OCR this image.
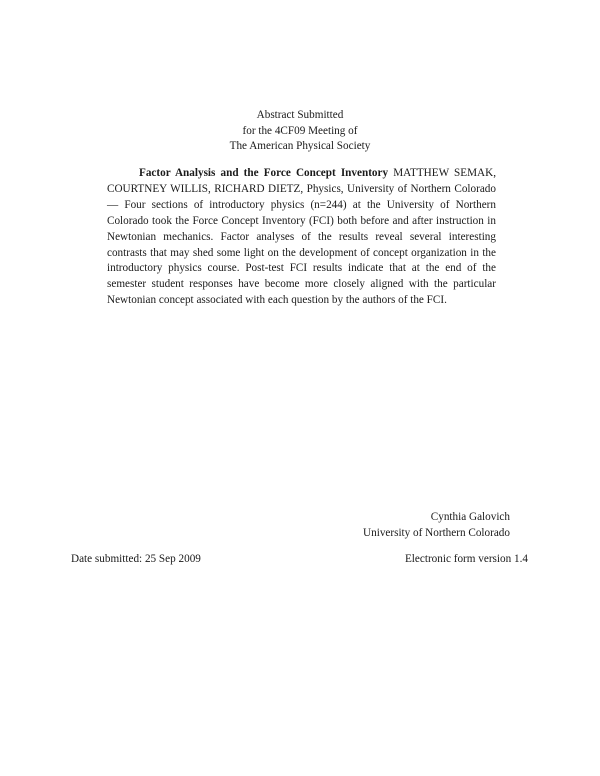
Abstract Submitted
for the 4CF09 Meeting of
The American Physical Society
Factor Analysis and the Force Concept Inventory MATTHEW SEMAK, COURTNEY WILLIS, RICHARD DIETZ, Physics, University of Northern Colorado — Four sections of introductory physics (n=244) at the University of Northern Colorado took the Force Concept Inventory (FCI) both before and after instruction in Newtonian mechanics. Factor analyses of the results reveal several interesting contrasts that may shed some light on the development of concept organization in the introductory physics course. Post-test FCI results indicate that at the end of the semester student responses have become more closely aligned with the particular Newtonian concept associated with each question by the authors of the FCI.
Cynthia Galovich
University of Northern Colorado
Date submitted: 25 Sep 2009	Electronic form version 1.4
